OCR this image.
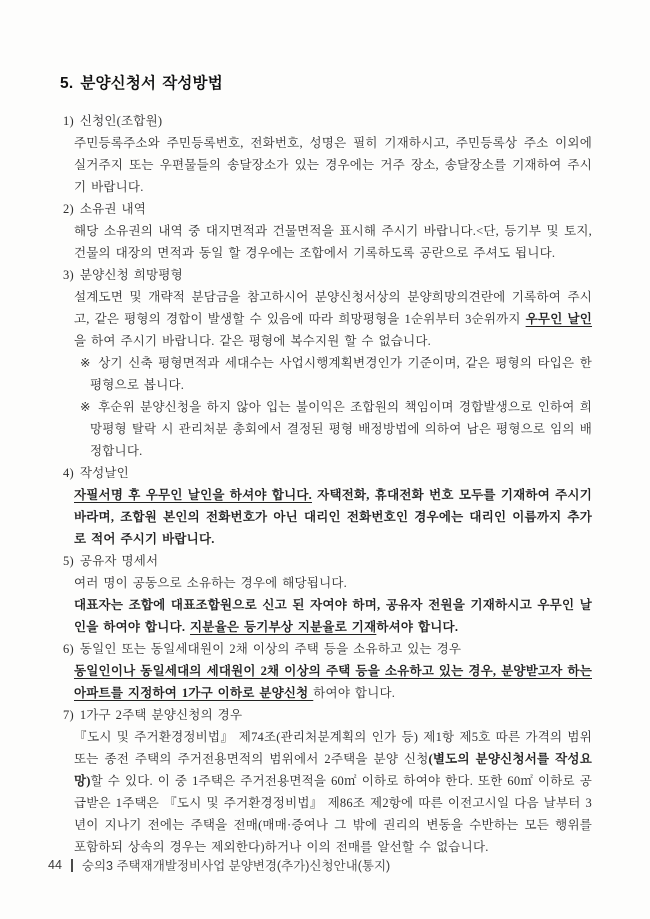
5. 분양신청서 작성방법
1) 신청인(조합원)

주민등록주소와 주민등록번호, 전화번호, 성명은 필히 기재하시고, 주민등록상 주소 이외에 실거주지 또는 우편물들의 송달장소가 있는 경우에는 거주 장소, 송달장소를 기재하여 주시기 바랍니다.

2) 소유권 내역

해당 소유권의 내역 중 대지면적과 건물면적을 표시해 주시기 바랍니다.<단, 등기부 및 토지, 건물의 대장의 면적과 동일 할 경우에는 조합에서 기록하도록 공란으로 주셔도 됩니다.

3) 분양신청 희망평형

설계도면 및 개략적 분담금을 참고하시어 분양신청서상의 분양희망의견란에 기록하여 주시고, 같은 평형의 경합이 발생할 수 있음에 따라 희망평형을 1순위부터 3순위까지 우무인 날인을 하여 주시기 바랍니다. 같은 평형에 복수지원 할 수 없습니다.

※ 상기 신축 평형면적과 세대수는 사업시행계획변경인가 기준이며, 같은 평형의 타입은 한 평형으로 봅니다.

※ 후순위 분양신청을 하지 않아 입는 불이익은 조합원의 책임이며 경합발생으로 인하여 희망평형 탈락 시 관리처분 총회에서 결정된 평형 배정방법에 의하여 남은 평형으로 임의 배정합니다.

4) 작성날인

자필서명 후 우무인 날인을 하셔야 합니다. 자택전화, 휴대전화 번호 모두를 기재하여 주시기 바라며, 조합원 본인의 전화번호가 아닌 대리인 전화번호인 경우에는 대리인 이름까지 추가로 적어 주시기 바랍니다.

5) 공유자 명세서

여러 명이 공동으로 소유하는 경우에 해당됩니다.

대표자는 조합에 대표조합원으로 신고 된 자여야 하며, 공유자 전원을 기재하시고 우무인 날인을 하여야 합니다. 지분율은 등기부상 지분율로 기재하셔야 합니다.

6) 동일인 또는 동일세대원이 2채 이상의 주택 등을 소유하고 있는 경우

동일인이나 동일세대의 세대원이 2채 이상의 주택 등을 소유하고 있는 경우, 분양받고자 하는 아파트를 지정하여 1가구 이하로 분양신청 하여야 합니다.

7) 1가구 2주택 분양신청의 경우

『도시 및 주거환경정비법』 제74조(관리처분계획의 인가 등) 제1항 제5호 따른 가격의 범위 또는 종전 주택의 주거전용면적의 범위에서 2주택을 분양 신청(별도의 분양신청서를 작성요망)할 수 있다. 이 중 1주택은 주거전용면적을 60㎡ 이하로 하여야 한다. 또한 60㎡ 이하로 공급받은 1주택은 『도시 및 주거환경정비법』 제86조 제2항에 따른 이전고시일 다음 날부터 3년이 지나기 전에는 주택을 전매(매매·증여나 그 밖에 권리의 변동을 수반하는 모든 행위를 포함하되 상속의 경우는 제외한다)하거나 이의 전매를 알선할 수 없습니다.

44 숭의3 주택재개발정비사업 분양변경(추가)신청안내(통지)
